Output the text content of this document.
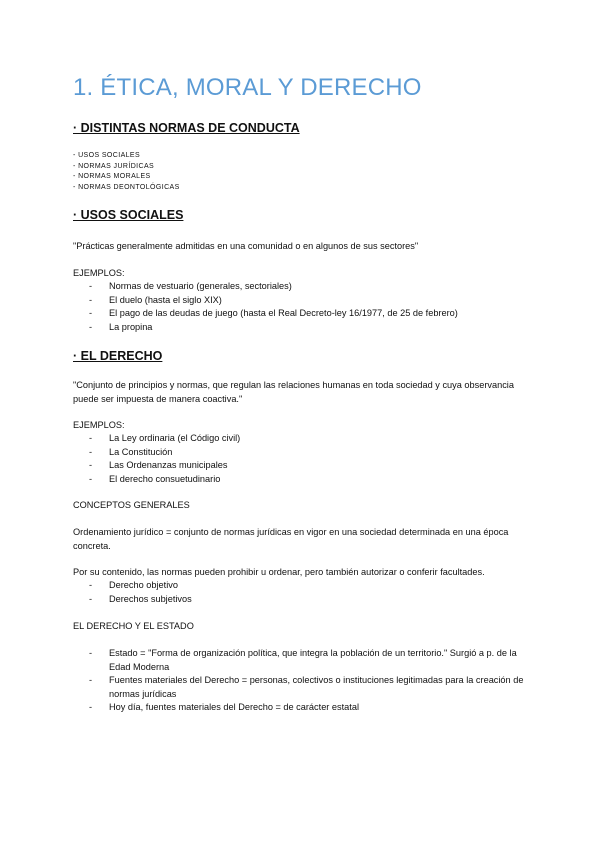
1. ÉTICA, MORAL Y DERECHO
· DISTINTAS NORMAS DE CONDUCTA
- USOS SOCIALES
- NORMAS JURÍDICAS
- NORMAS MORALES
- NORMAS DEONTOLÓGICAS
· USOS SOCIALES

"Prácticas generalmente admitidas en una comunidad o en algunos de sus sectores"

EJEMPLOS:

- Normas de vestuario (generales, sectoriales)
- El duelo (hasta el siglo XIX)
- El pago de las deudas de juego (hasta el Real Decreto-ley 16/1977, de 25 de febrero)
- La propina
· EL DERECHO

"Conjunto de principios y normas, que regulan las relaciones humanas en toda sociedad y cuya observancia puede ser impuesta de manera coactiva."

EJEMPLOS:

- La Ley ordinaria (el Código civil)
- La Constitución
- Las Ordenanzas municipales
- El derecho consuetudinario

CONCEPTOS GENERALES

Ordenamiento jurídico = conjunto de normas jurídicas en vigor en una sociedad determinada en una época concreta.

Por su contenido, las normas pueden prohibir u ordenar, pero también autorizar o conferir facultades.

- Derecho objetivo
- Derechos subjetivos

EL DERECHO Y EL ESTADO

- Estado = "Forma de organización política, que integra la población de un territorio." Surgió a p. de la Edad Moderna
- Fuentes materiales del Derecho = personas, colectivos o instituciones legitimadas para la creación de normas jurídicas
- Hoy día, fuentes materiales del Derecho = de carácter estatal
